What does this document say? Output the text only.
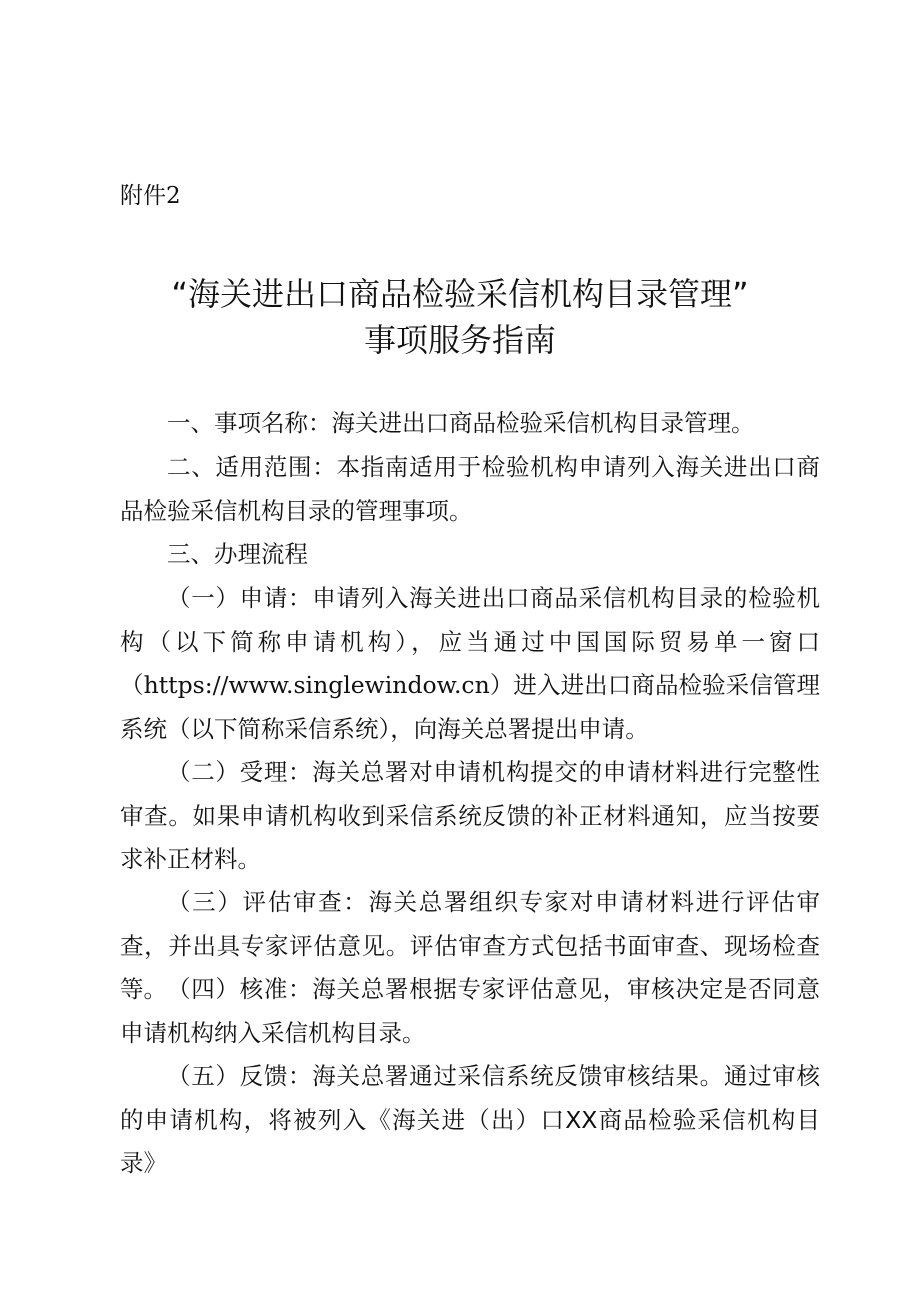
附件2
“海关进出口商品检验采信机构目录管理”
事项服务指南

一、事项名称：海关进出口商品检验采信机构目录管理。

二、适用范围：本指南适用于检验机构申请列入海关进出口商品检验采信机构目录的管理事项。

三、办理流程

（一）申请：申请列入海关进出口商品采信机构目录的检验机构（以下简称申请机构），应当通过中国国际贸易单一窗口（https://www.singlewindow.cn）进入进出口商品检验采信管理系统（以下简称采信系统），向海关总署提出申请。

（二）受理：海关总署对申请机构提交的申请材料进行完整性审查。如果申请机构收到采信系统反馈的补正材料通知，应当按要求补正材料。

（三）评估审查：海关总署组织专家对申请材料进行评估审查，并出具专家评估意见。评估审查方式包括书面审查、现场检查等。 （四）核准：海关总署根据专家评估意见，审核决定是否同意申请机构纳入采信机构目录。

（五）反馈：海关总署通过采信系统反馈审核结果。通过审核的申请机构，将被列入《海关进（出）口XX商品检验采信机构目录》
